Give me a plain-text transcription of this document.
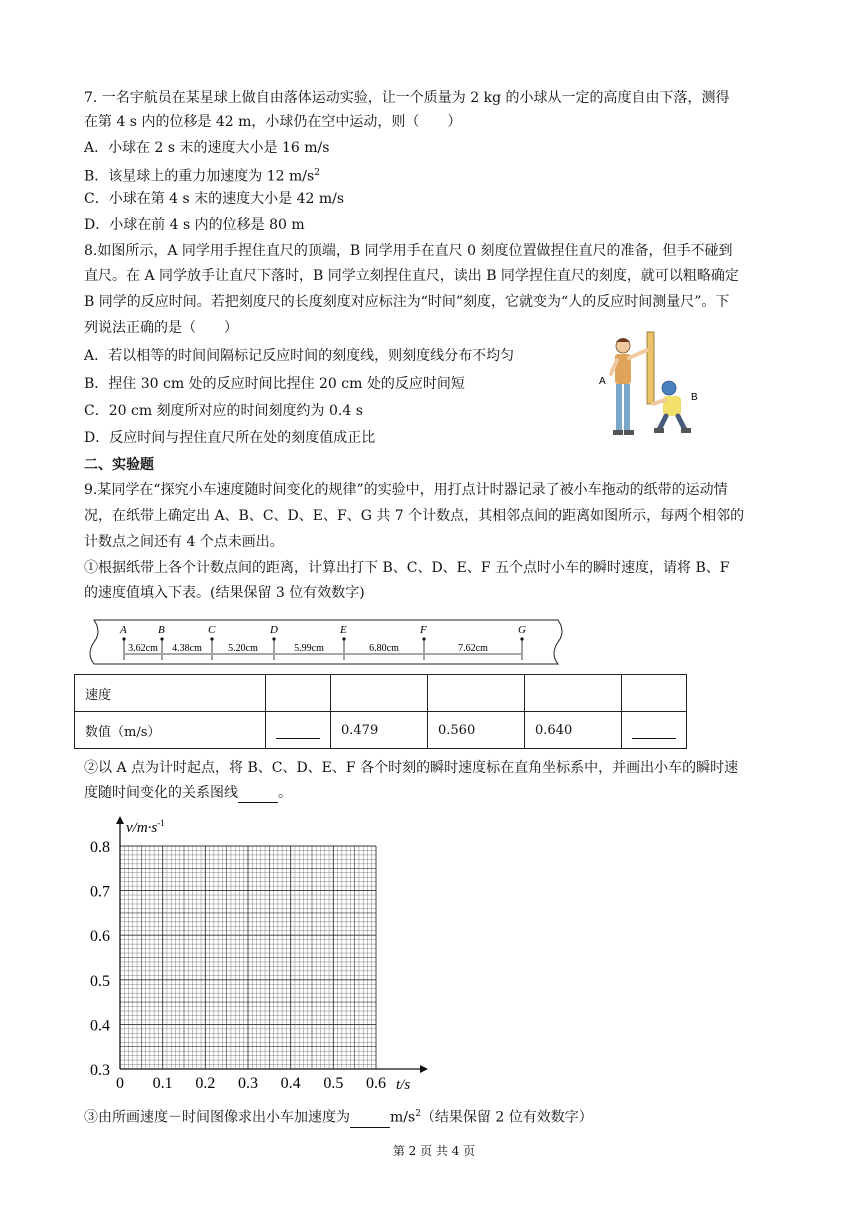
7. 一名宇航员在某星球上做自由落体运动实验，让一个质量为 2 kg 的小球从一定的高度自由下落，测得
在第 4 s 内的位移是 42 m，小球仍在空中运动，则（　　）
A．小球在 2 s 末的速度大小是 16 m/s
B．该星球上的重力加速度为 12 $m/s^2$
C．小球在第 4 s 末的速度大小是 42 m/s
D．小球在前 4 s 内的位移是 80 m
8.如图所示，A 同学用手捏住直尺的顶端，B 同学用手在直尺 0 刻度位置做捏住直尺的准备，但手不碰到
直尺。在 A 同学放手让直尺下落时，B 同学立刻捏住直尺，读出 B 同学捏住直尺的刻度，就可以粗略确定
B 同学的反应时间。若把刻度尺的长度刻度对应标注为“时间”刻度，它就变为“人的反应时间测量尺”。下
列说法正确的是（　　）
A．若以相等的时间间隔标记反应时间的刻度线，则刻度线分布不均匀
B．捏住 30 cm 处的反应时间比捏住 20 cm 处的反应时间短
C．20 cm 刻度所对应的时间刻度约为 0.4 s
D．反应时间与捏住直尺所在处的刻度值成正比
A
B
二、实验题
9.某同学在“探究小车速度随时间变化的规律”的实验中，用打点计时器记录了被小车拖动的纸带的运动情
况，在纸带上确定出 A、B、C、D、E、F、G 共 7 个计数点，其相邻点间的距离如图所示，每两个相邻的
计数点之间还有 4 个点未画出。
①根据纸带上各个计数点间的距离，计算出打下 B、C、D、E、F 五个点时小车的瞬时速度，请将 B、F
的速度值填入下表。(结果保留 3 位有效数字)
A	B	C	D	E	F	G
3.62cm 4.38cm	5.20cm	5.99cm	6.80cm	7.62cm
速度					
数值（m/s）		0.479	0.560	0.640	
②以 A 点为计时起点，将 B、C、D、E、F 各个时刻的瞬时速度标在直角坐标系中，并画出小车的瞬时速
度随时间变化的关系图线	。
$v/m\cdot s^{-1}$
t/s
0.8
0.7
0.6
0.5
0.4
0.3
0 0.1 0.2 0.3 0.4 0.5 0.6
③由所画速度－时间图像求出小车加速度为	$m/s^2$（结果保留 2 位有效数字）
第 2 页 共 4 页
